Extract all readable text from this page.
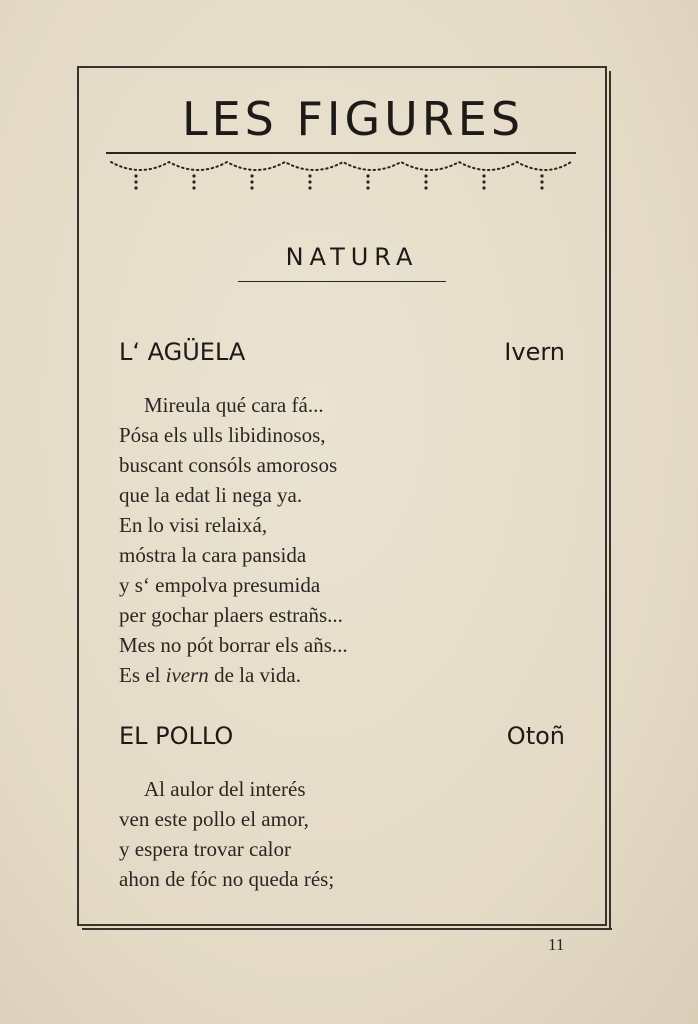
LES FIGURES
NATURA
L‘ AGÜELA	Ivern
Mireula qué cara fá...
Pósa els ulls libidinosos,
buscant consóls amorosos
que la edat li nega ya.
En lo visi relaixá,
móstra la cara pansida
y s‘ empolva presumida
per gochar plaers estrañs...
Mes no pót borrar els añs...
Es el ivern de la vida.
EL POLLO	Otoñ
Al aulor del interés
ven este pollo el amor,
y espera trovar calor
ahon de fóc no queda rés;
11
